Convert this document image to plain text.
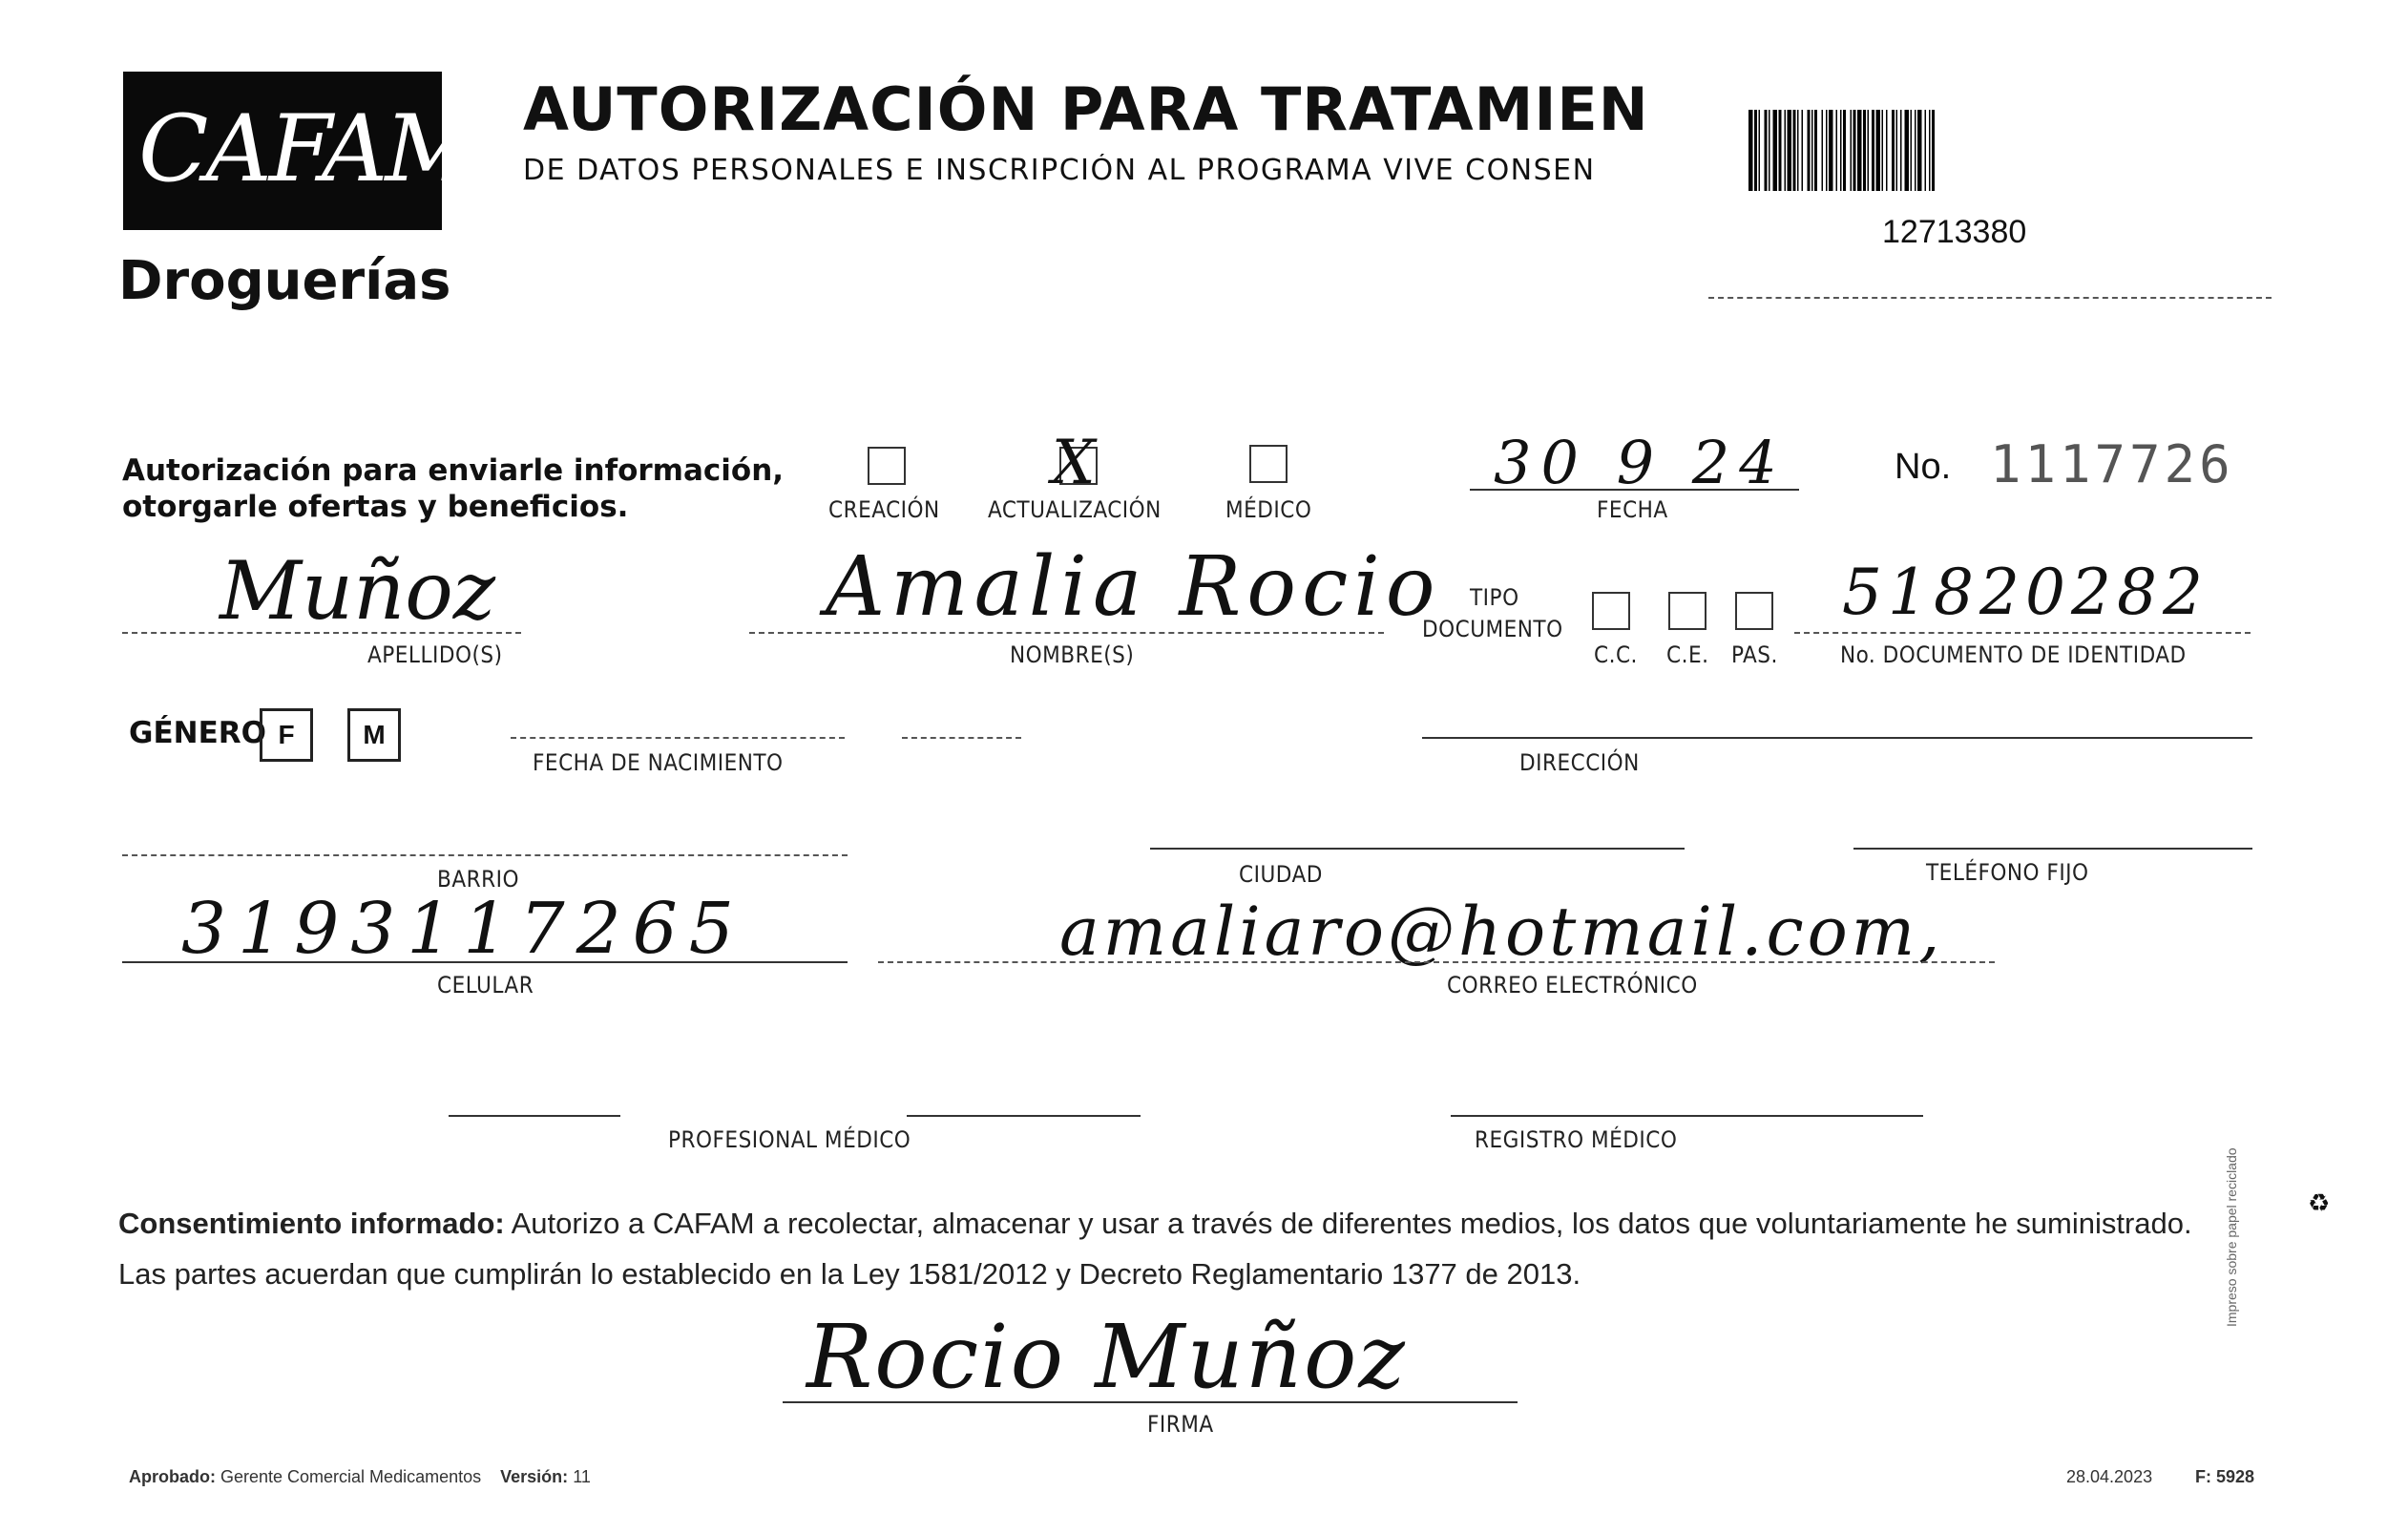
CAFAM
Droguerías
AUTORIZACIÓN PARA TRATAMIEN
DE DATOS PERSONALES E INSCRIPCIÓN AL PROGRAMA VIVE CONSEN
12713380
Autorización para enviarle información,
otorgarle ofertas y beneficios.	CREACIÓN
X
ACTUALIZACIÓN	MÉDICO
30 9 24
FECHA
No. 1117726
Muñoz
APELLIDO(S)
Amalia Rocio
NOMBRE(S)
TIPO
DOCUMENTO
C.C. C.E. PAS.
51820282
No. DOCUMENTO DE IDENTIDAD
GÉNERO F	M
FECHA DE NACIMIENTO	DIRECCIÓN
BARRIO	CIUDAD	TELÉFONO FIJO
3193117265
CELULAR
amaliaro@hotmail.com,
CORREO ELECTRÓNICO
PROFESIONAL MÉDICO	REGISTRO MÉDICO
Consentimiento informado: Autorizo a CAFAM a recolectar, almacenar y usar a través de diferentes medios, los datos que voluntariamente he suministrado.
Las partes acuerdan que cumplirán lo establecido en la Ley 1581/2012 y Decreto Reglamentario 1377 de 2013.
Rocio Muñoz
FIRMA
Aprobado: Gerente Comercial Medicamentos Versión: 11	28.04.2023 F: 5928
Impreso sobre papel reciclado	♻
